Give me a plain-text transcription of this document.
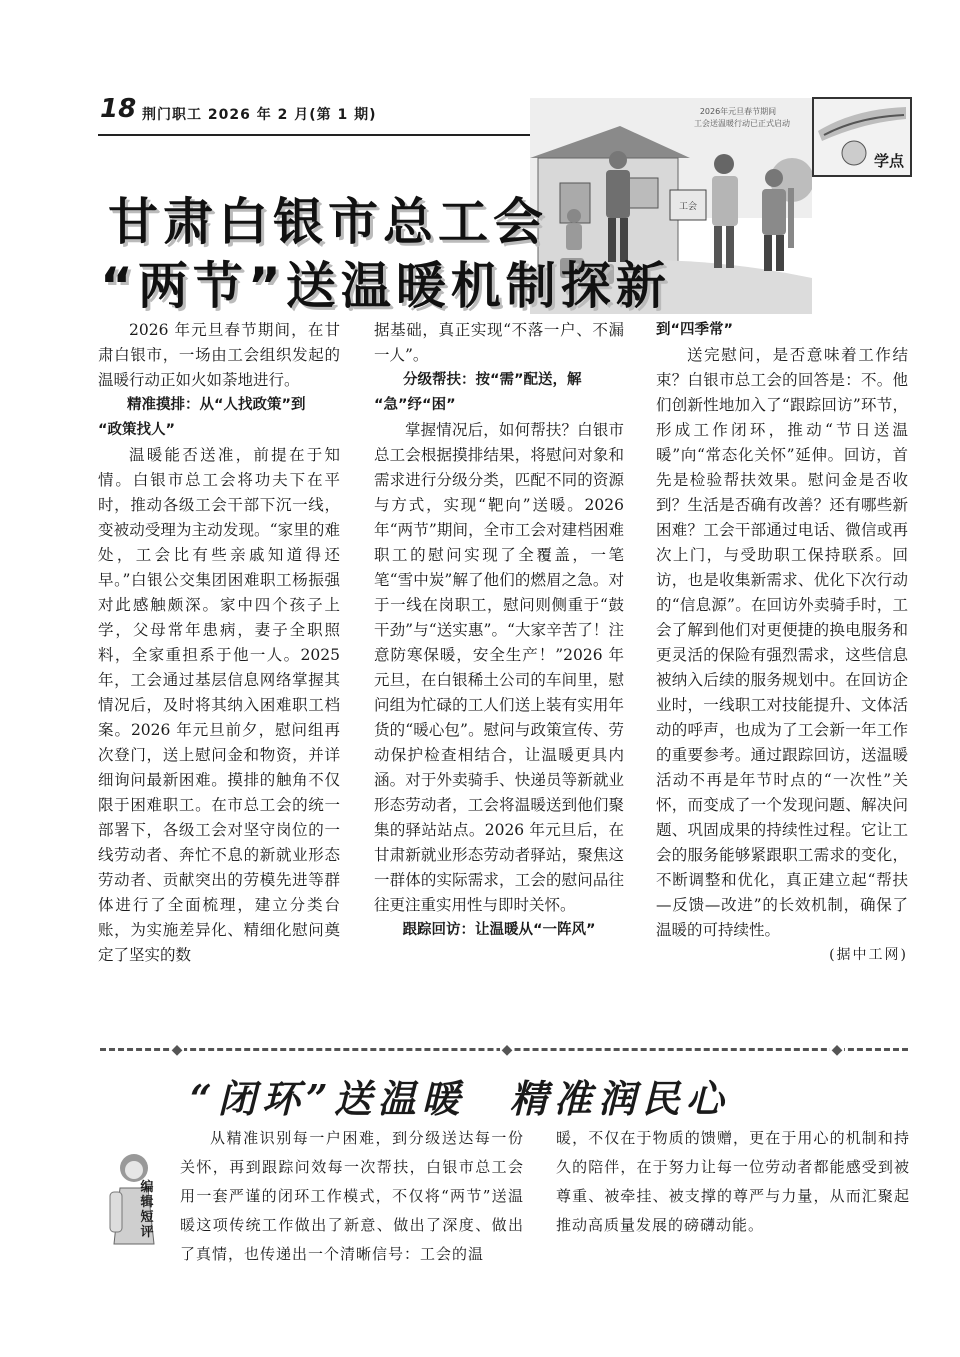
18 荆门职工 2026 年 2 月(第 1 期)	2026年元旦春节期间
工会送温暖行动已正式启动
工会
学点
甘肃白银市总工会
“两节”送温暖机制探新

2026 年元旦春节期间，在甘肃白银市，一场由工会组织发起的温暖行动正如火如荼地进行。

精准摸排：从“人找政策”到

“政策找人”

温暖能否送准，前提在于知情。白银市总工会将功夫下在平时，推动各级工会干部下沉一线，变被动受理为主动发现。“家里的难处，工会比有些亲戚知道得还早。”白银公交集团困难职工杨振强对此感触颇深。家中四个孩子上学，父母常年患病，妻子全职照料，全家重担系于他一人。2025 年，工会通过基层信息网络掌握其情况后，及时将其纳入困难职工档案。2026 年元旦前夕，慰问组再次登门，送上慰问金和物资，并详细询问最新困难。摸排的触角不仅限于困难职工。在市总工会的统一部署下，各级工会对坚守岗位的一线劳动者、奔忙不息的新就业形态劳动者、贡献突出的劳模先进等群体进行了全面梳理，建立分类台账，为实施差异化、精细化慰问奠定了坚实的数

据基础，真正实现“不落一户、不漏一人”。

分级帮扶：按“需”配送，解

“急”纾“困”

掌握情况后，如何帮扶？白银市总工会根据摸排结果，将慰问对象和需求进行分级分类，匹配不同的资源与方式，实现“靶向”送暖。2026 年“两节”期间，全市工会对建档困难职工的慰问实现了全覆盖，一笔笔“雪中炭”解了他们的燃眉之急。对于一线在岗职工，慰问则侧重于“鼓干劲”与“送实惠”。“大家辛苦了！注意防寒保暖，安全生产！”2026 年元旦，在白银稀土公司的车间里，慰问组为忙碌的工人们送上装有实用年货的“暖心包”。慰问与政策宣传、劳动保护检查相结合，让温暖更具内涵。对于外卖骑手、快递员等新就业形态劳动者，工会将温暖送到他们聚集的驿站站点。2026 年元旦后，在甘肃新就业形态劳动者驿站，聚焦这一群体的实际需求，工会的慰问品往往更注重实用性与即时关怀。

跟踪回访：让温暖从“一阵风”

到“四季常”

送完慰问，是否意味着工作结束？白银市总工会的回答是：不。他们创新性地加入了“跟踪回访”环节，形成工作闭环，推动“节日送温暖”向“常态化关怀”延伸。回访，首先是检验帮扶效果。慰问金是否收到？生活是否确有改善？还有哪些新困难？工会干部通过电话、微信或再次上门，与受助职工保持联系。回访，也是收集新需求、优化下次行动的“信息源”。在回访外卖骑手时，工会了解到他们对更便捷的换电服务和更灵活的保险有强烈需求，这些信息被纳入后续的服务规划中。在回访企业时，一线职工对技能提升、文体活动的呼声，也成为了工会新一年工作的重要参考。通过跟踪回访，送温暖活动不再是年节时点的“一次性”关怀，而变成了一个发现问题、解决问题、巩固成果的持续性过程。它让工会的服务能够紧跟职工需求的变化，不断调整和优化，真正建立起“帮扶—反馈—改进”的长效机制，确保了温暖的可持续性。

(据中工网)

◆	◆	◆
“闭环”送温暖　精准润民心
编辑短评

从精准识别每一户困难，到分级送达每一份关怀，再到跟踪问效每一次帮扶，白银市总工会用一套严谨的闭环工作模式，不仅将“两节”送温暖这项传统工作做出了新意、做出了深度、做出了真情，也传递出一个清晰信号：工会的温

暖，不仅在于物质的馈赠，更在于用心的机制和持久的陪伴，在于努力让每一位劳动者都能感受到被尊重、被牵挂、被支撑的尊严与力量，从而汇聚起推动高质量发展的磅礴动能。
